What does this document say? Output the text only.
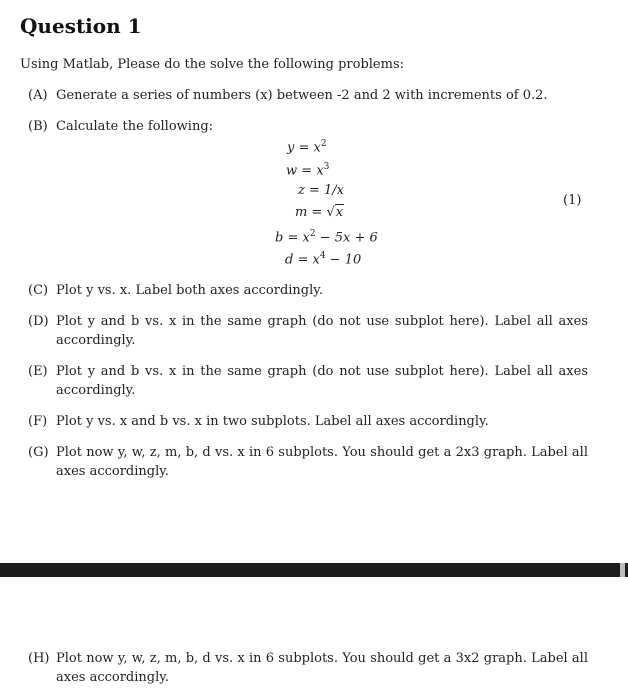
Question 1
Using Matlab, Please do the solve the following problems:
(A) Generate a series of numbers (x) between -2 and 2 with increments of 0.2.
(B) Calculate the following:
$y = x^2$
$w = x^3$
z = 1/x
m = √x
$b = x^2 - 5x + 6$
$d = x^4 - 10$
(1)
(C) Plot y vs. x. Label both axes accordingly.
(D) Plot y and b vs. x in the same graph (do not use subplot here). Label all axes accordingly.
(E) Plot y and b vs. x in the same graph (do not use subplot here). Label all axes accordingly.
(F) Plot y vs. x and b vs. x in two subplots. Label all axes accordingly.
(G) Plot now y, w, z, m, b, d vs. x in 6 subplots. You should get a 2x3 graph. Label all axes accordingly.
(H) Plot now y, w, z, m, b, d vs. x in 6 subplots. You should get a 3x2 graph. Label all axes accordingly.
